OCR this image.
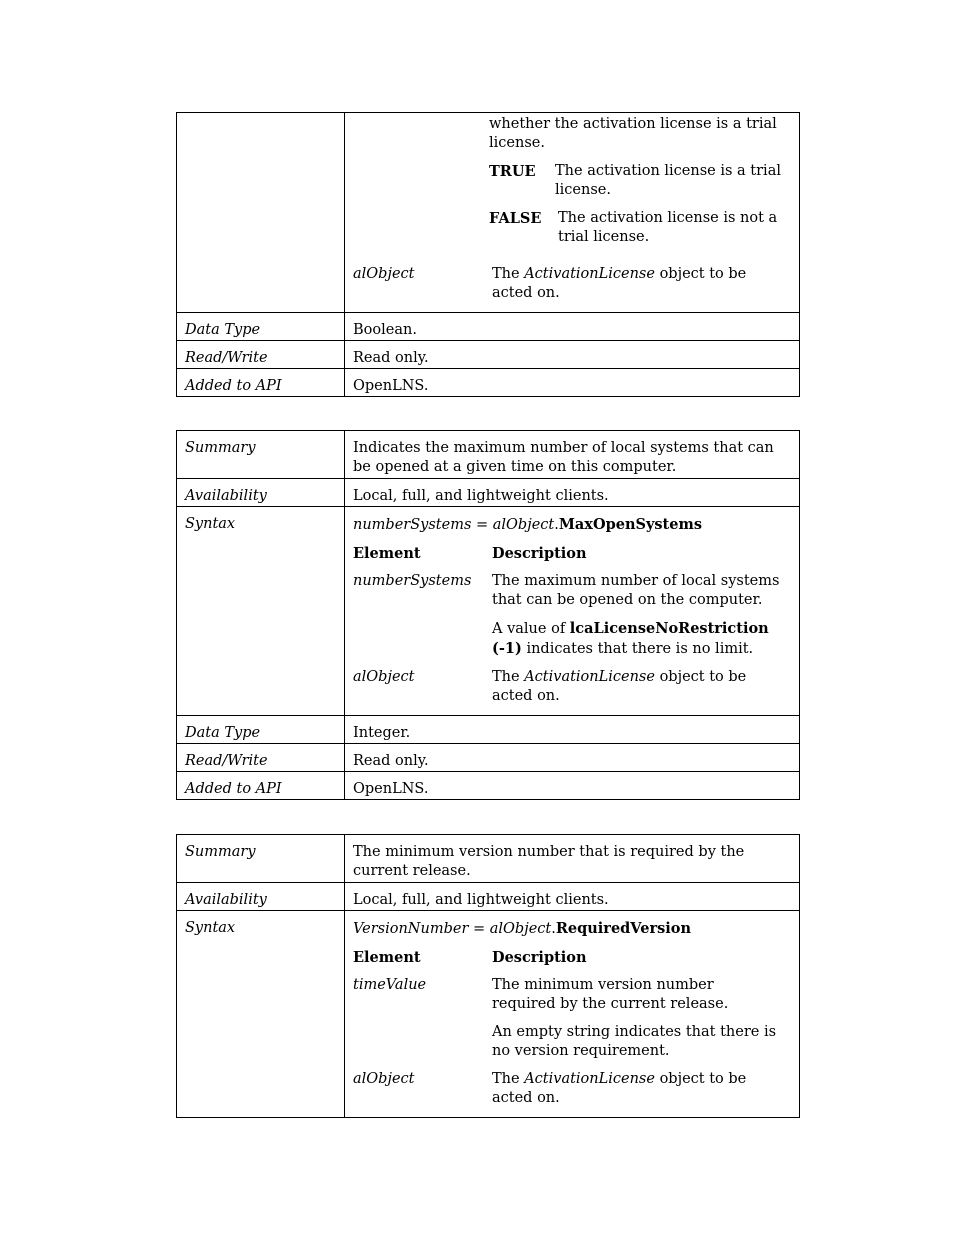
whether the activation license is a trial license.
TRUE	The activation license is a trial license.
FALSE	The activation license is not a trial license.

alObject	The ActivationLicense object to be acted on.

Data Type	Boolean.
Read/Write	Read only.
Added to API	OpenLNS.
Summary	Indicates the maximum number of local systems that can be opened at a given time on this computer.
Availability	Local, full, and lightweight clients.
Syntax	numberSystems = alObject.MaxOpenSystems
Element	Description
numberSystems	The maximum number of local systems that can be opened on the computer.
A value of lcaLicenseNoRestriction (-1) indicates that there is no limit.

alObject	The ActivationLicense object to be acted on.

Data Type	Integer.
Read/Write	Read only.
Added to API	OpenLNS.
Summary	The minimum version number that is required by the current release.
Availability	Local, full, and lightweight clients.
Syntax	VersionNumber = alObject.RequiredVersion
Element	Description
timeValue	The minimum version number required by the current release.
An empty string indicates that there is no version requirement.

alObject	The ActivationLicense object to be acted on.
